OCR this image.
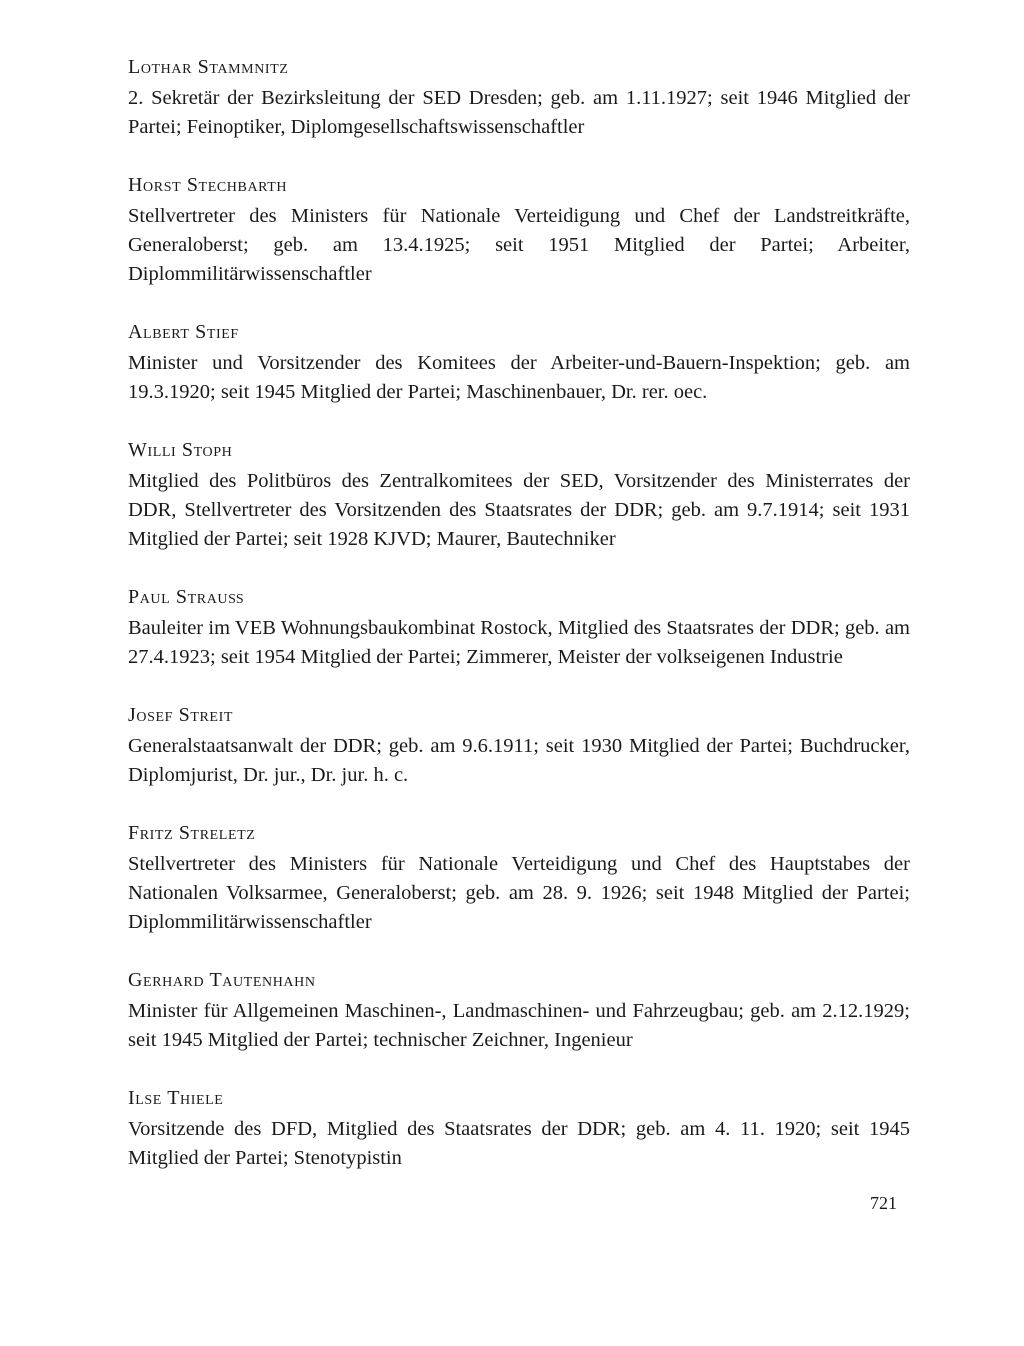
Lothar Stammnitz

2. Sekretär der Bezirksleitung der SED Dresden; geb. am 1.11.1927; seit 1946 Mitglied der Partei; Feinoptiker, Diplomgesellschaftswissenschaftler

Horst Stechbarth

Stellvertreter des Ministers für Nationale Verteidigung und Chef der Landstreitkräfte, Generaloberst; geb. am 13.4.1925; seit 1951 Mitglied der Partei; Arbeiter, Diplommilitärwissenschaftler

Albert Stief

Minister und Vorsitzender des Komitees der Arbeiter-und-Bauern-Inspektion; geb. am 19.3.1920; seit 1945 Mitglied der Partei; Maschinenbauer, Dr. rer. oec.

Willi Stoph

Mitglied des Politbüros des Zentralkomitees der SED, Vorsitzender des Ministerrates der DDR, Stellvertreter des Vorsitzenden des Staatsrates der DDR; geb. am 9.7.1914; seit 1931 Mitglied der Partei; seit 1928 KJVD; Maurer, Bautechniker

Paul Strauß

Bauleiter im VEB Wohnungsbaukombinat Rostock, Mitglied des Staatsrates der DDR; geb. am 27.4.1923; seit 1954 Mitglied der Partei; Zimmerer, Meister der volkseigenen Industrie

Josef Streit

Generalstaatsanwalt der DDR; geb. am 9.6.1911; seit 1930 Mitglied der Partei; Buchdrucker, Diplomjurist, Dr. jur., Dr. jur. h. c.

Fritz Streletz

Stellvertreter des Ministers für Nationale Verteidigung und Chef des Hauptstabes der Nationalen Volksarmee, Generaloberst; geb. am 28. 9. 1926; seit 1948 Mitglied der Partei; Diplommilitärwissenschaftler

Gerhard Tautenhahn

Minister für Allgemeinen Maschinen-, Landmaschinen- und Fahrzeugbau; geb. am 2.12.1929; seit 1945 Mitglied der Partei; technischer Zeichner, Ingenieur

Ilse Thiele

Vorsitzende des DFD, Mitglied des Staatsrates der DDR; geb. am 4. 11. 1920; seit 1945 Mitglied der Partei; Stenotypistin

721
